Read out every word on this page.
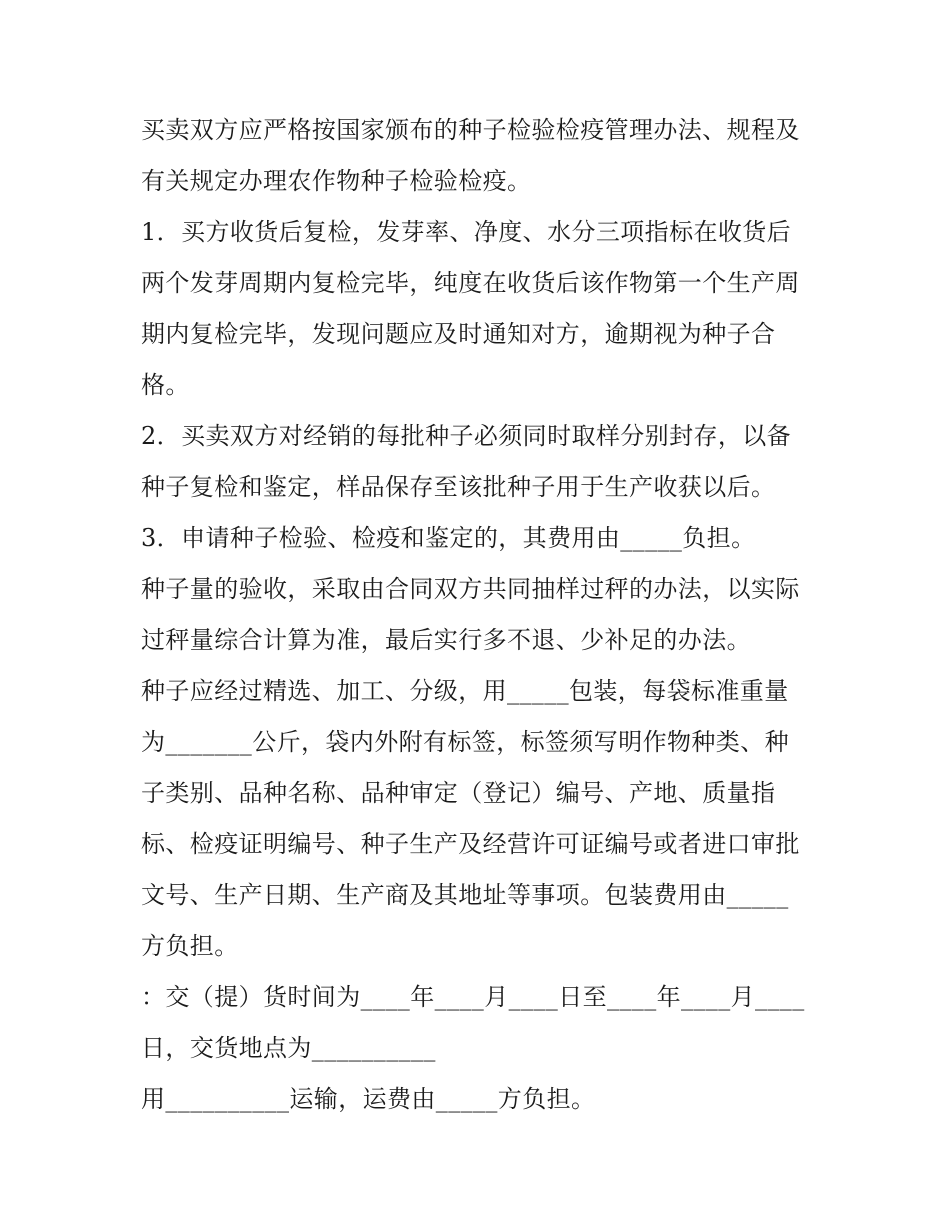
买卖双方应严格按国家颁布的种子检验检疫管理办法、规程及
有关规定办理农作物种子检验检疫。
1．买方收货后复检，发芽率、净度、水分三项指标在收货后
两个发芽周期内复检完毕，纯度在收货后该作物第一个生产周
期内复检完毕，发现问题应及时通知对方，逾期视为种子合
格。
2．买卖双方对经销的每批种子必须同时取样分别封存，以备
种子复检和鉴定，样品保存至该批种子用于生产收获以后。
3．申请种子检验、检疫和鉴定的，其费用由_____负担。
种子量的验收，采取由合同双方共同抽样过秤的办法，以实际
过秤量综合计算为准，最后实行多不退、少补足的办法。
种子应经过精选、加工、分级，用_____包装，每袋标准重量
为_______公斤，袋内外附有标签，标签须写明作物种类、种
子类别、品种名称、品种审定（登记）编号、产地、质量指
标、检疫证明编号、种子生产及经营许可证编号或者进口审批
文号、生产日期、生产商及其地址等事项。包装费用由_____
方负担。
：交（提）货时间为____年____月____日至____年____月____
日，交货地点为__________
用__________运输，运费由_____方负担。
